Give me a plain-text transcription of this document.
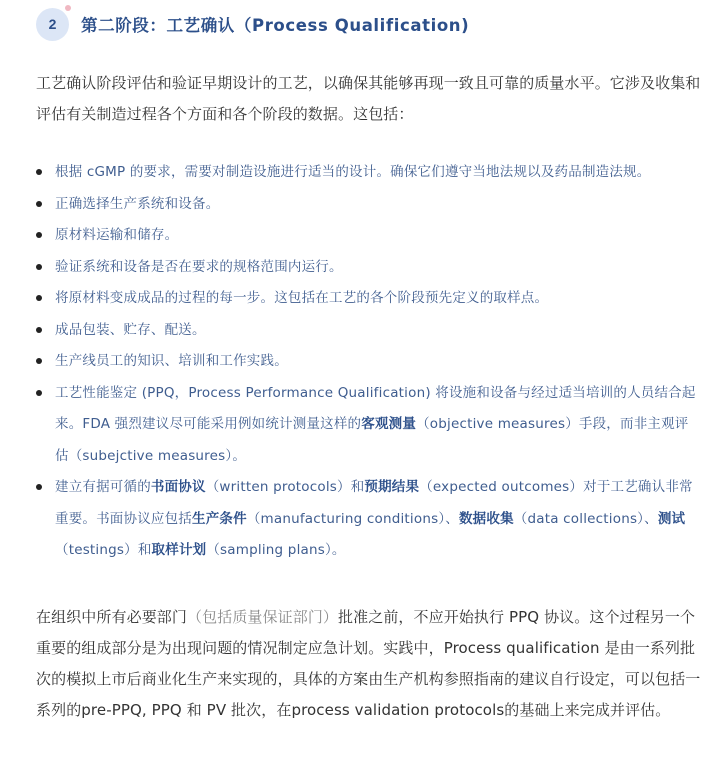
2 第二阶段：工艺确认（Process Qualification)

工艺确认阶段评估和验证早期设计的工艺，以确保其能够再现一致且可靠的质量水平。它涉及收集和评估有关制造过程各个方面和各个阶段的数据。这包括：

根据 cGMP 的要求，需要对制造设施进行适当的设计。确保它们遵守当地法规以及药品制造法规。
正确选择生产系统和设备。
原材料运输和储存。
验证系统和设备是否在要求的规格范围内运行。
将原材料变成成品的过程的每一步。这包括在工艺的各个阶段预先定义的取样点。
成品包装、贮存、配送。
生产线员工的知识、培训和工作实践。
工艺性能鉴定 (PPQ，Process Performance Qualification) 将设施和设备与经过适当培训的人员结合起来。FDA 强烈建议尽可能采用例如统计测量这样的客观测量（objective measures）手段，而非主观评估（subejctive measures）。
建立有据可循的书面协议（written protocols）和预期结果（expected outcomes）对于工艺确认非常重要。书面协议应包括生产条件（manufacturing conditions）、数据收集（data collections）、测试（testings）和取样计划（sampling plans）。

在组织中所有必要部门（包括质量保证部门）批准之前，不应开始执行 PPQ 协议。这个过程另一个重要的组成部分是为出现问题的情况制定应急计划。实践中，Process qualification 是由一系列批次的模拟上市后商业化生产来实现的，具体的方案由生产机构参照指南的建议自行设定，可以包括一系列的pre-PPQ, PPQ 和 PV 批次，在process validation protocols的基础上来完成并评估。
